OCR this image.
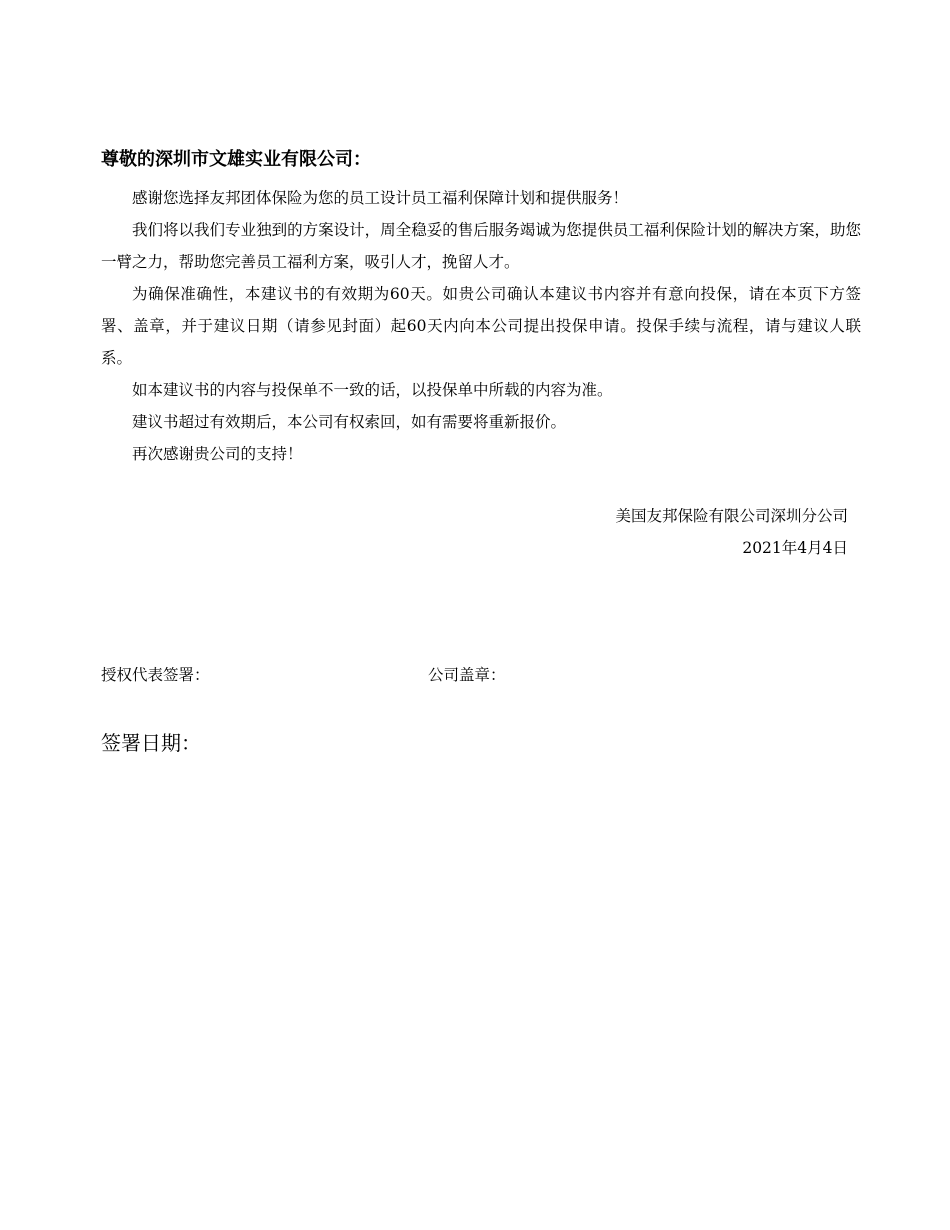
尊敬的深圳市文雄实业有限公司：

感谢您选择友邦团体保险为您的员工设计员工福利保障计划和提供服务！

我们将以我们专业独到的方案设计，周全稳妥的售后服务竭诚为您提供员工福利保险计划的解决方案，助您一臂之力，帮助您完善员工福利方案，吸引人才，挽留人才。

为确保准确性，本建议书的有效期为60天。如贵公司确认本建议书内容并有意向投保，请在本页下方签署、盖章，并于建议日期（请参见封面）起60天内向本公司提出投保申请。投保手续与流程，请与建议人联系。

如本建议书的内容与投保单不一致的话，以投保单中所载的内容为准。

建议书超过有效期后，本公司有权索回，如有需要将重新报价。

再次感谢贵公司的支持！

美国友邦保险有限公司深圳分公司
2021年4月4日
授权代表签署：	公司盖章：
签署日期：
